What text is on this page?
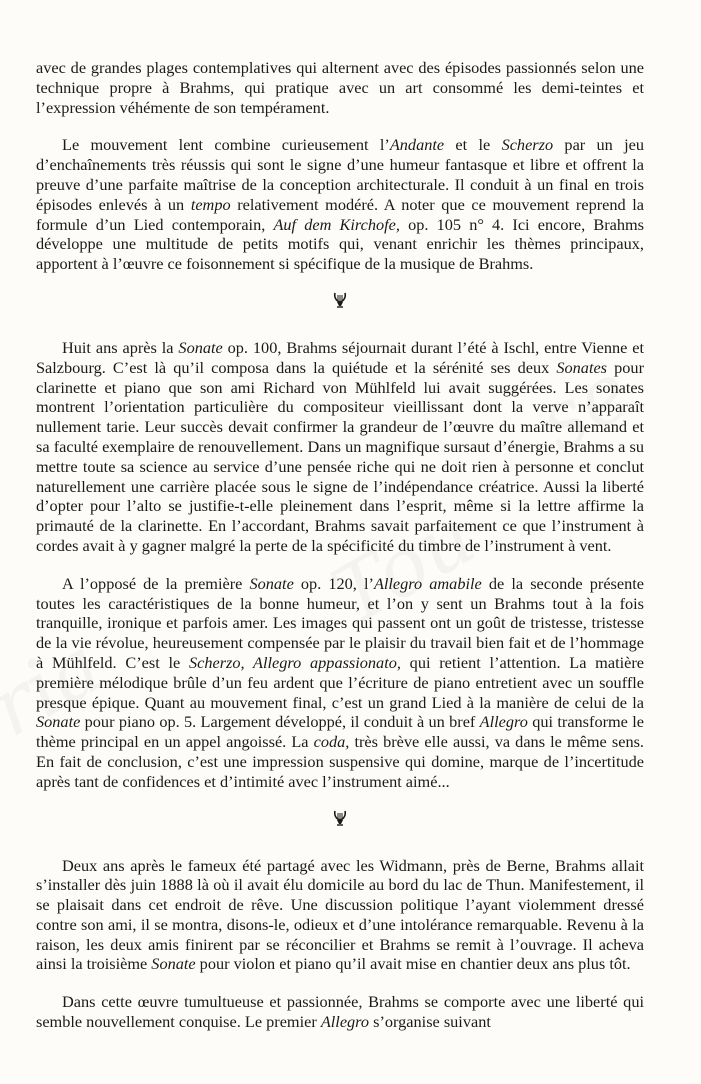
avec de grandes plages contemplatives qui alternent avec des épisodes passionnés selon une technique propre à Brahms, qui pratique avec un art consommé les demi-teintes et l’expression véhémente de son tempérament.

Le mouvement lent combine curieusement l’Andante et le Scherzo par un jeu d’enchaînements très réussis qui sont le signe d’une humeur fantasque et libre et offrent la preuve d’une parfaite maîtrise de la conception architecturale. Il conduit à un final en trois épisodes enlevés à un tempo relativement modéré. A noter que ce mouvement reprend la formule d’un Lied contemporain, Auf dem Kirchofe, op. 105 n° 4. Ici encore, Brahms développe une multitude de petits motifs qui, venant enrichir les thèmes principaux, apportent à l’œuvre ce foisonnement si spécifique de la musique de Brahms.

Huit ans après la Sonate op. 100, Brahms séjournait durant l’été à Ischl, entre Vienne et Salzbourg. C’est là qu’il composa dans la quiétude et la sérénité ses deux Sonates pour clarinette et piano que son ami Richard von Mühlfeld lui avait suggérées. Les sonates montrent l’orientation particulière du compositeur vieillissant dont la verve n’apparaît nullement tarie. Leur succès devait confirmer la grandeur de l’œuvre du maître allemand et sa faculté exemplaire de renouvellement. Dans un magnifique sursaut d’énergie, Brahms a su mettre toute sa science au service d’une pensée riche qui ne doit rien à personne et conclut naturellement une carrière placée sous le signe de l’indépendance créatrice. Aussi la liberté d’opter pour l’alto se justifie-t-elle pleinement dans l’esprit, même si la lettre affirme la primauté de la clarinette. En l’accordant, Brahms savait parfaitement ce que l’instrument à cordes avait à y gagner malgré la perte de la spécificité du timbre de l’instrument à vent.

A l’opposé de la première Sonate op. 120, l’Allegro amabile de la seconde présente toutes les caractéristiques de la bonne humeur, et l’on y sent un Brahms tout à la fois tranquille, ironique et parfois amer. Les images qui passent ont un goût de tristesse, tristesse de la vie révolue, heureusement compensée par le plaisir du travail bien fait et de l’hommage à Mühlfeld. C’est le Scherzo, Allegro appassionato, qui retient l’attention. La matière première mélodique brûle d’un feu ardent que l’écriture de piano entretient avec un souffle presque épique. Quant au mouvement final, c’est un grand Lied à la manière de celui de la Sonate pour piano op. 5. Largement développé, il conduit à un bref Allegro qui transforme le thème principal en un appel angoissé. La coda, très brève elle aussi, va dans le même sens. En fait de conclusion, c’est une impression suspensive qui domine, marque de l’incertitude après tant de confidences et d’intimité avec l’instrument aimé...

Deux ans après le fameux été partagé avec les Widmann, près de Berne, Brahms allait s’installer dès juin 1888 là où il avait élu domicile au bord du lac de Thun. Manifestement, il se plaisait dans cet endroit de rêve. Une discussion politique l’ayant violemment dressé contre son ami, il se montra, disons-le, odieux et d’une intolérance remarquable. Revenu à la raison, les deux amis finirent par se réconcilier et Brahms se remit à l’ouvrage. Il acheva ainsi la troisième Sonate pour violon et piano qu’il avait mise en chantier deux ans plus tôt.

Dans cette œuvre tumultueuse et passionnée, Brahms se comporte avec une liberté qui semble nouvellement conquise. Le premier Allegro s’organise suivant
